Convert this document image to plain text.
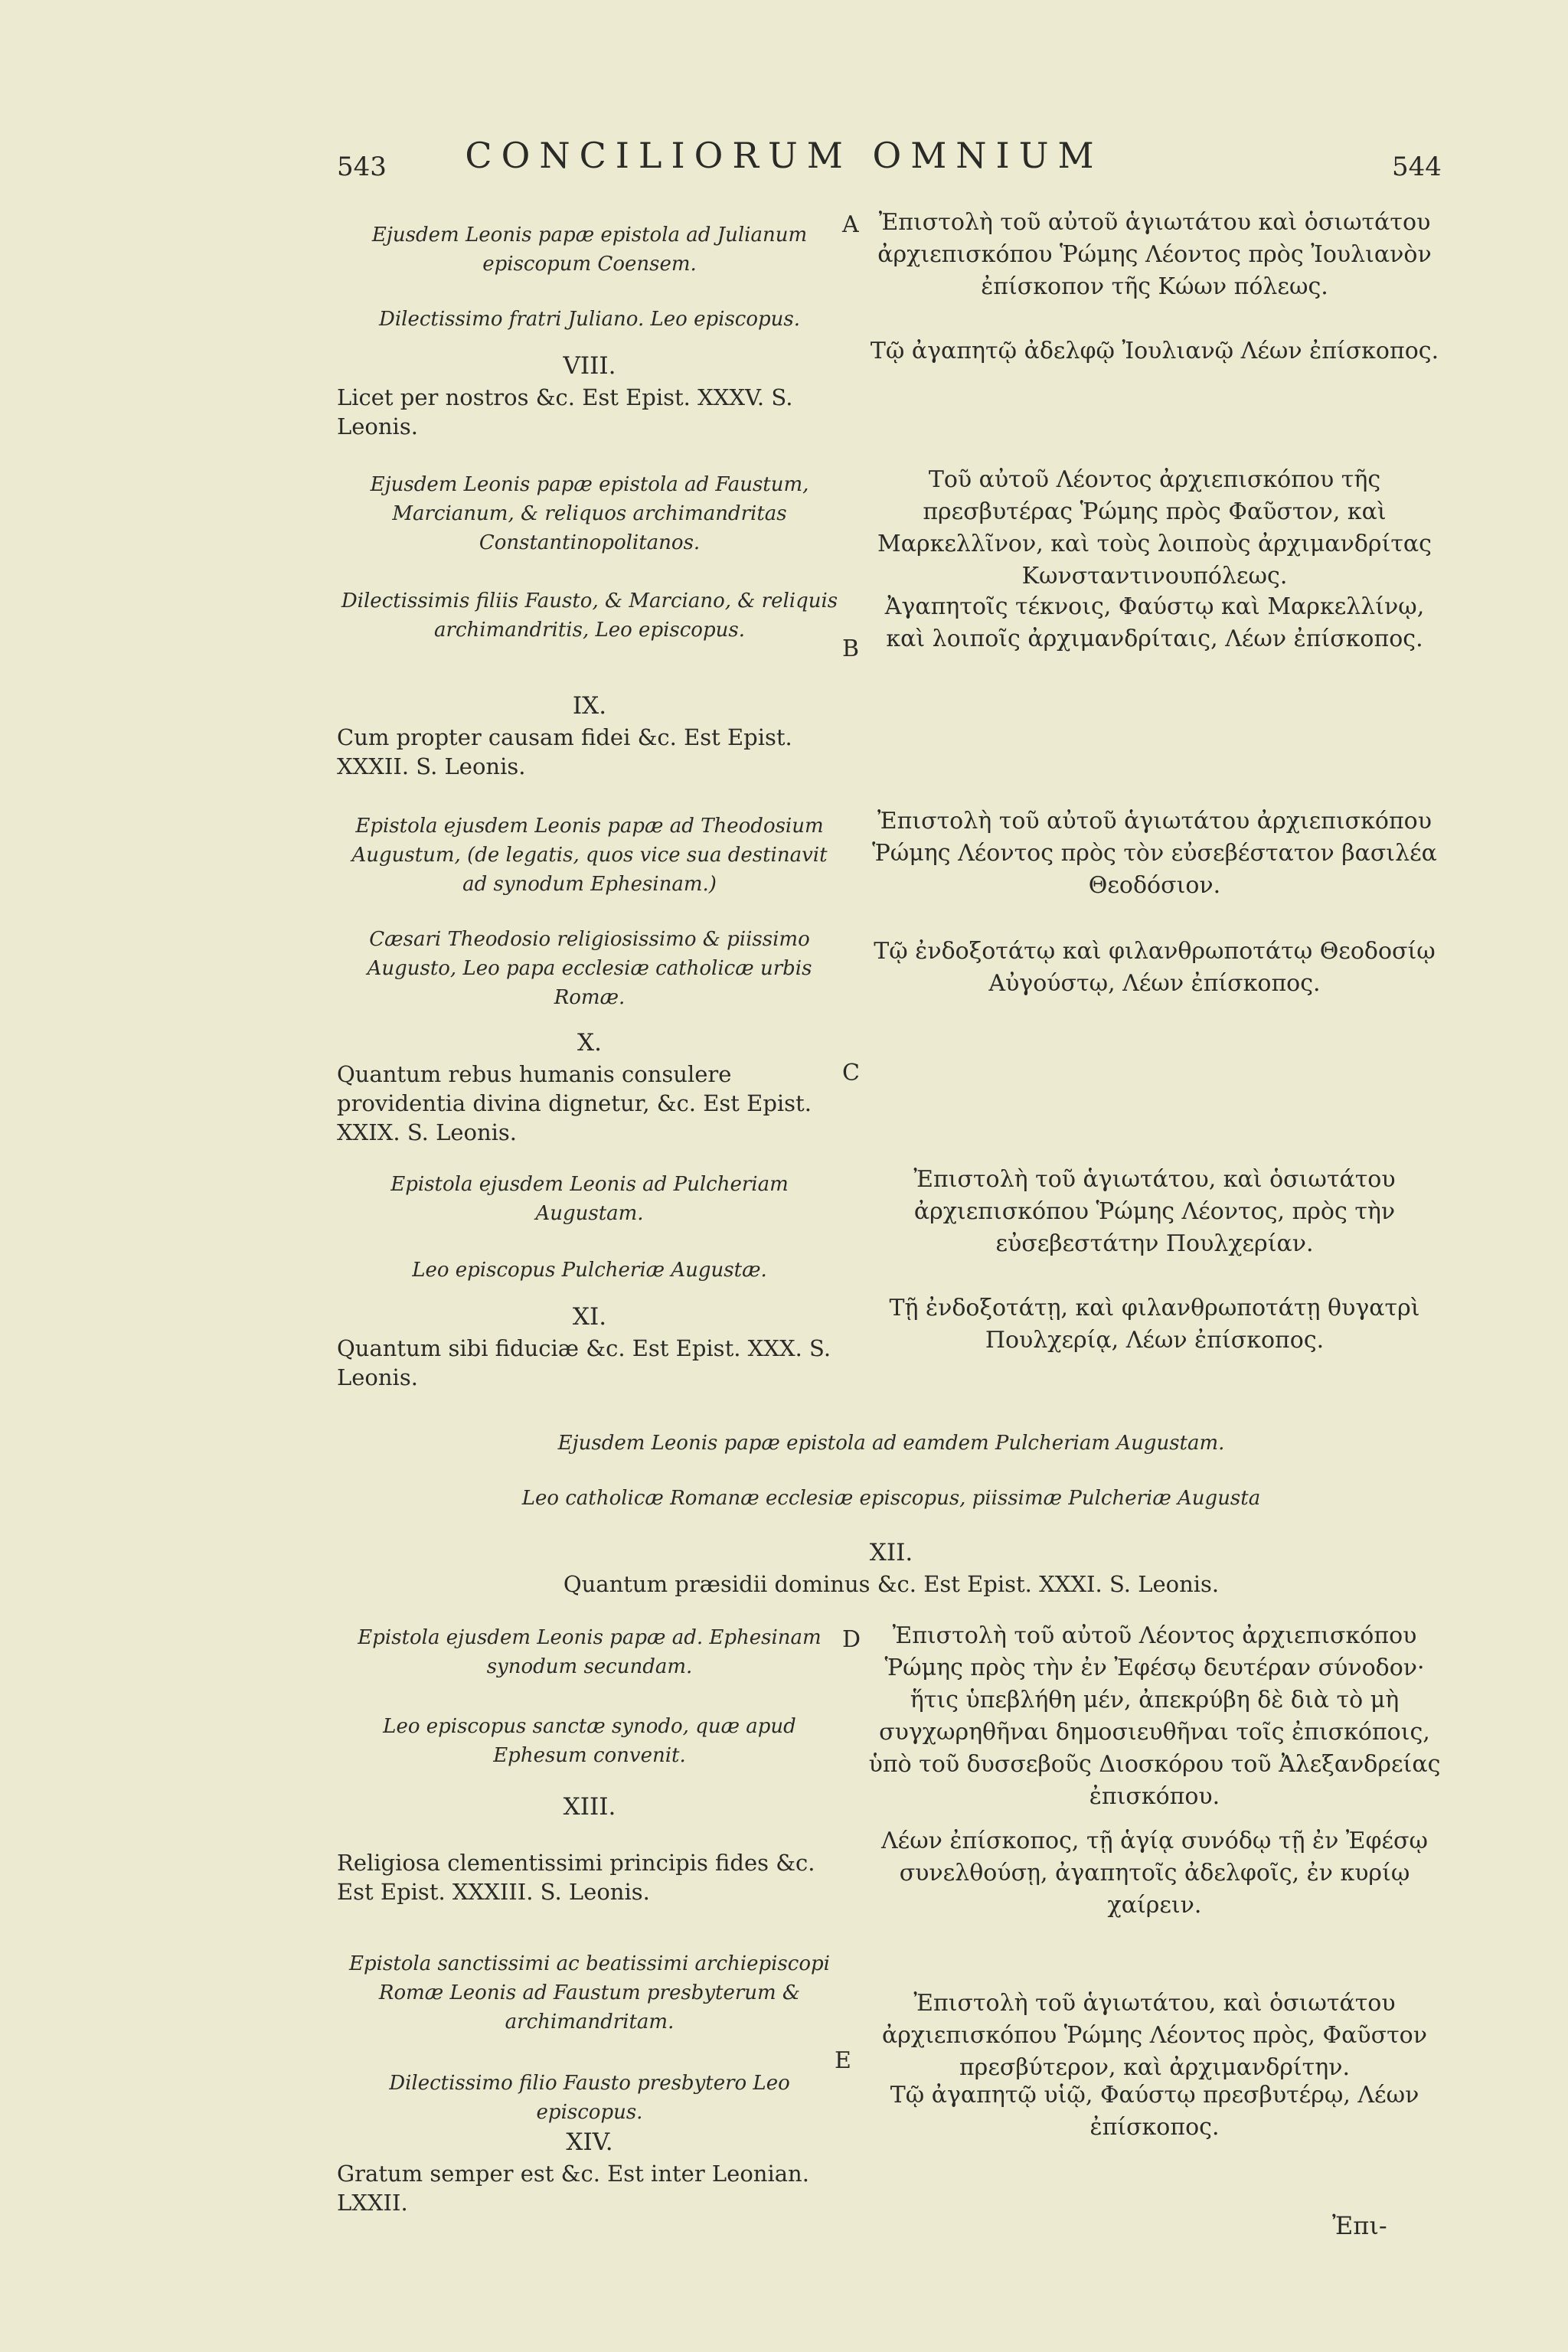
543	CONCILIORUM OMNIUM	544
Ejusdem Leonis papæ epistola ad Julianum episcopum Coensem.
Dilectissimo fratri Juliano. Leo episcopus.
VIII.
Licet per nostros &c. Est Epist. XXXV. S. Leonis.
Ejusdem Leonis papæ epistola ad Faustum, Marcianum, & reliquos archimandritas Constantinopolitanos.
Dilectissimis filiis Fausto, & Marciano, & reliquis archimandritis, Leo episcopus.
IX.
Cum propter causam fidei &c. Est Epist. XXXII. S. Leonis.
Epistola ejusdem Leonis papæ ad Theodosium Augustum, (de legatis, quos vice sua destinavit ad synodum Ephesinam.)
Cæsari Theodosio religiosissimo & piissimo Augusto, Leo papa ecclesiæ catholicæ urbis Romæ.
X.
Quantum rebus humanis consulere providentia divina dignetur, &c. Est Epist. XXIX. S. Leonis.
Epistola ejusdem Leonis ad Pulcheriam Augustam.
Leo episcopus Pulcheriæ Augustæ.
XI.
Quantum sibi fiduciæ &c. Est Epist. XXX. S. Leonis.
Ejusdem Leonis papæ epistola ad eamdem Pulcheriam Augustam.
Leo catholicæ Romanæ ecclesiæ episcopus, piissimæ Pulcheriæ Augusta
XII.
Quantum præsidii dominus &c. Est Epist. XXXI. S. Leonis.
Epistola ejusdem Leonis papæ ad. Ephesinam synodum secundam.
Leo episcopus sanctæ synodo, quæ apud Ephesum convenit.
XIII.
Religiosa clementissimi principis fides &c. Est Epist. XXXIII. S. Leonis.
Epistola sanctissimi ac beatissimi archiepiscopi Romæ Leonis ad Faustum presbyterum & archimandritam.
Dilectissimo filio Fausto presbytero Leo episcopus.
XIV.
Gratum semper est &c. Est inter Leonian. LXXII.
Ἐπιστολὴ τοῦ αὐτοῦ ἁγιωτάτου καὶ ὁσιωτάτου ἀρχιεπισκόπου Ῥώμης Λέοντος πρὸς Ἰουλιανὸν ἐπίσκοπον τῆς Κώων πόλεως.
Τῷ ἀγαπητῷ ἀδελφῷ Ἰουλιανῷ Λέων ἐπίσκοπος.
Τοῦ αὐτοῦ Λέοντος ἀρχιεπισκόπου τῆς πρεσβυτέρας Ῥώμης πρὸς Φαῦστον, καὶ Μαρκελλῖνον, καὶ τοὺς λοιποὺς ἀρχιμανδρίτας Κωνσταντινουπόλεως.
Ἀγαπητοῖς τέκνοις, Φαύστῳ καὶ Μαρκελλίνῳ, καὶ λοιποῖς ἀρχιμανδρίταις, Λέων ἐπίσκοπος.
Ἐπιστολὴ τοῦ αὐτοῦ ἁγιωτάτου ἀρχιεπισκόπου Ῥώμης Λέοντος πρὸς τὸν εὐσεβέστατον βασιλέα Θεοδόσιον.
Τῷ ἐνδοξοτάτῳ καὶ φιλανθρωποτάτῳ Θεοδοσίῳ Αὐγούστῳ, Λέων ἐπίσκοπος.
Ἐπιστολὴ τοῦ ἁγιωτάτου, καὶ ὁσιωτάτου ἀρχιεπισκόπου Ῥώμης Λέοντος, πρὸς τὴν εὐσεβεστάτην Πουλχερίαν.
Τῇ ἐνδοξοτάτῃ, καὶ φιλανθρωποτάτῃ θυγατρὶ Πουλχερίᾳ, Λέων ἐπίσκοπος.
Ἐπιστολὴ τοῦ αὐτοῦ Λέοντος ἀρχιεπισκόπου Ῥώμης πρὸς τὴν ἐν Ἐφέσῳ δευτέραν σύνοδον· ἥτις ὑπεβλήθη μέν, ἀπεκρύβη δὲ διὰ τὸ μὴ συγχωρηθῆναι δημοσιευθῆναι τοῖς ἐπισκόποις, ὑπὸ τοῦ δυσσεβοῦς Διοσκόρου τοῦ Ἀλεξανδρείας ἐπισκόπου.
Λέων ἐπίσκοπος, τῇ ἁγίᾳ συνόδῳ τῇ ἐν Ἐφέσῳ συνελθούσῃ, ἀγαπητοῖς ἀδελφοῖς, ἐν κυρίῳ χαίρειν.
Ἐπιστολὴ τοῦ ἁγιωτάτου, καὶ ὁσιωτάτου ἀρχιεπισκόπου Ῥώμης Λέοντος πρὸς, Φαῦστον πρεσβύτερον, καὶ ἀρχιμανδρίτην.
Τῷ ἀγαπητῷ υἱῷ, Φαύστῳ πρεσβυτέρῳ, Λέων ἐπίσκοπος.
A
B
C
D
E
Ἐπι-
